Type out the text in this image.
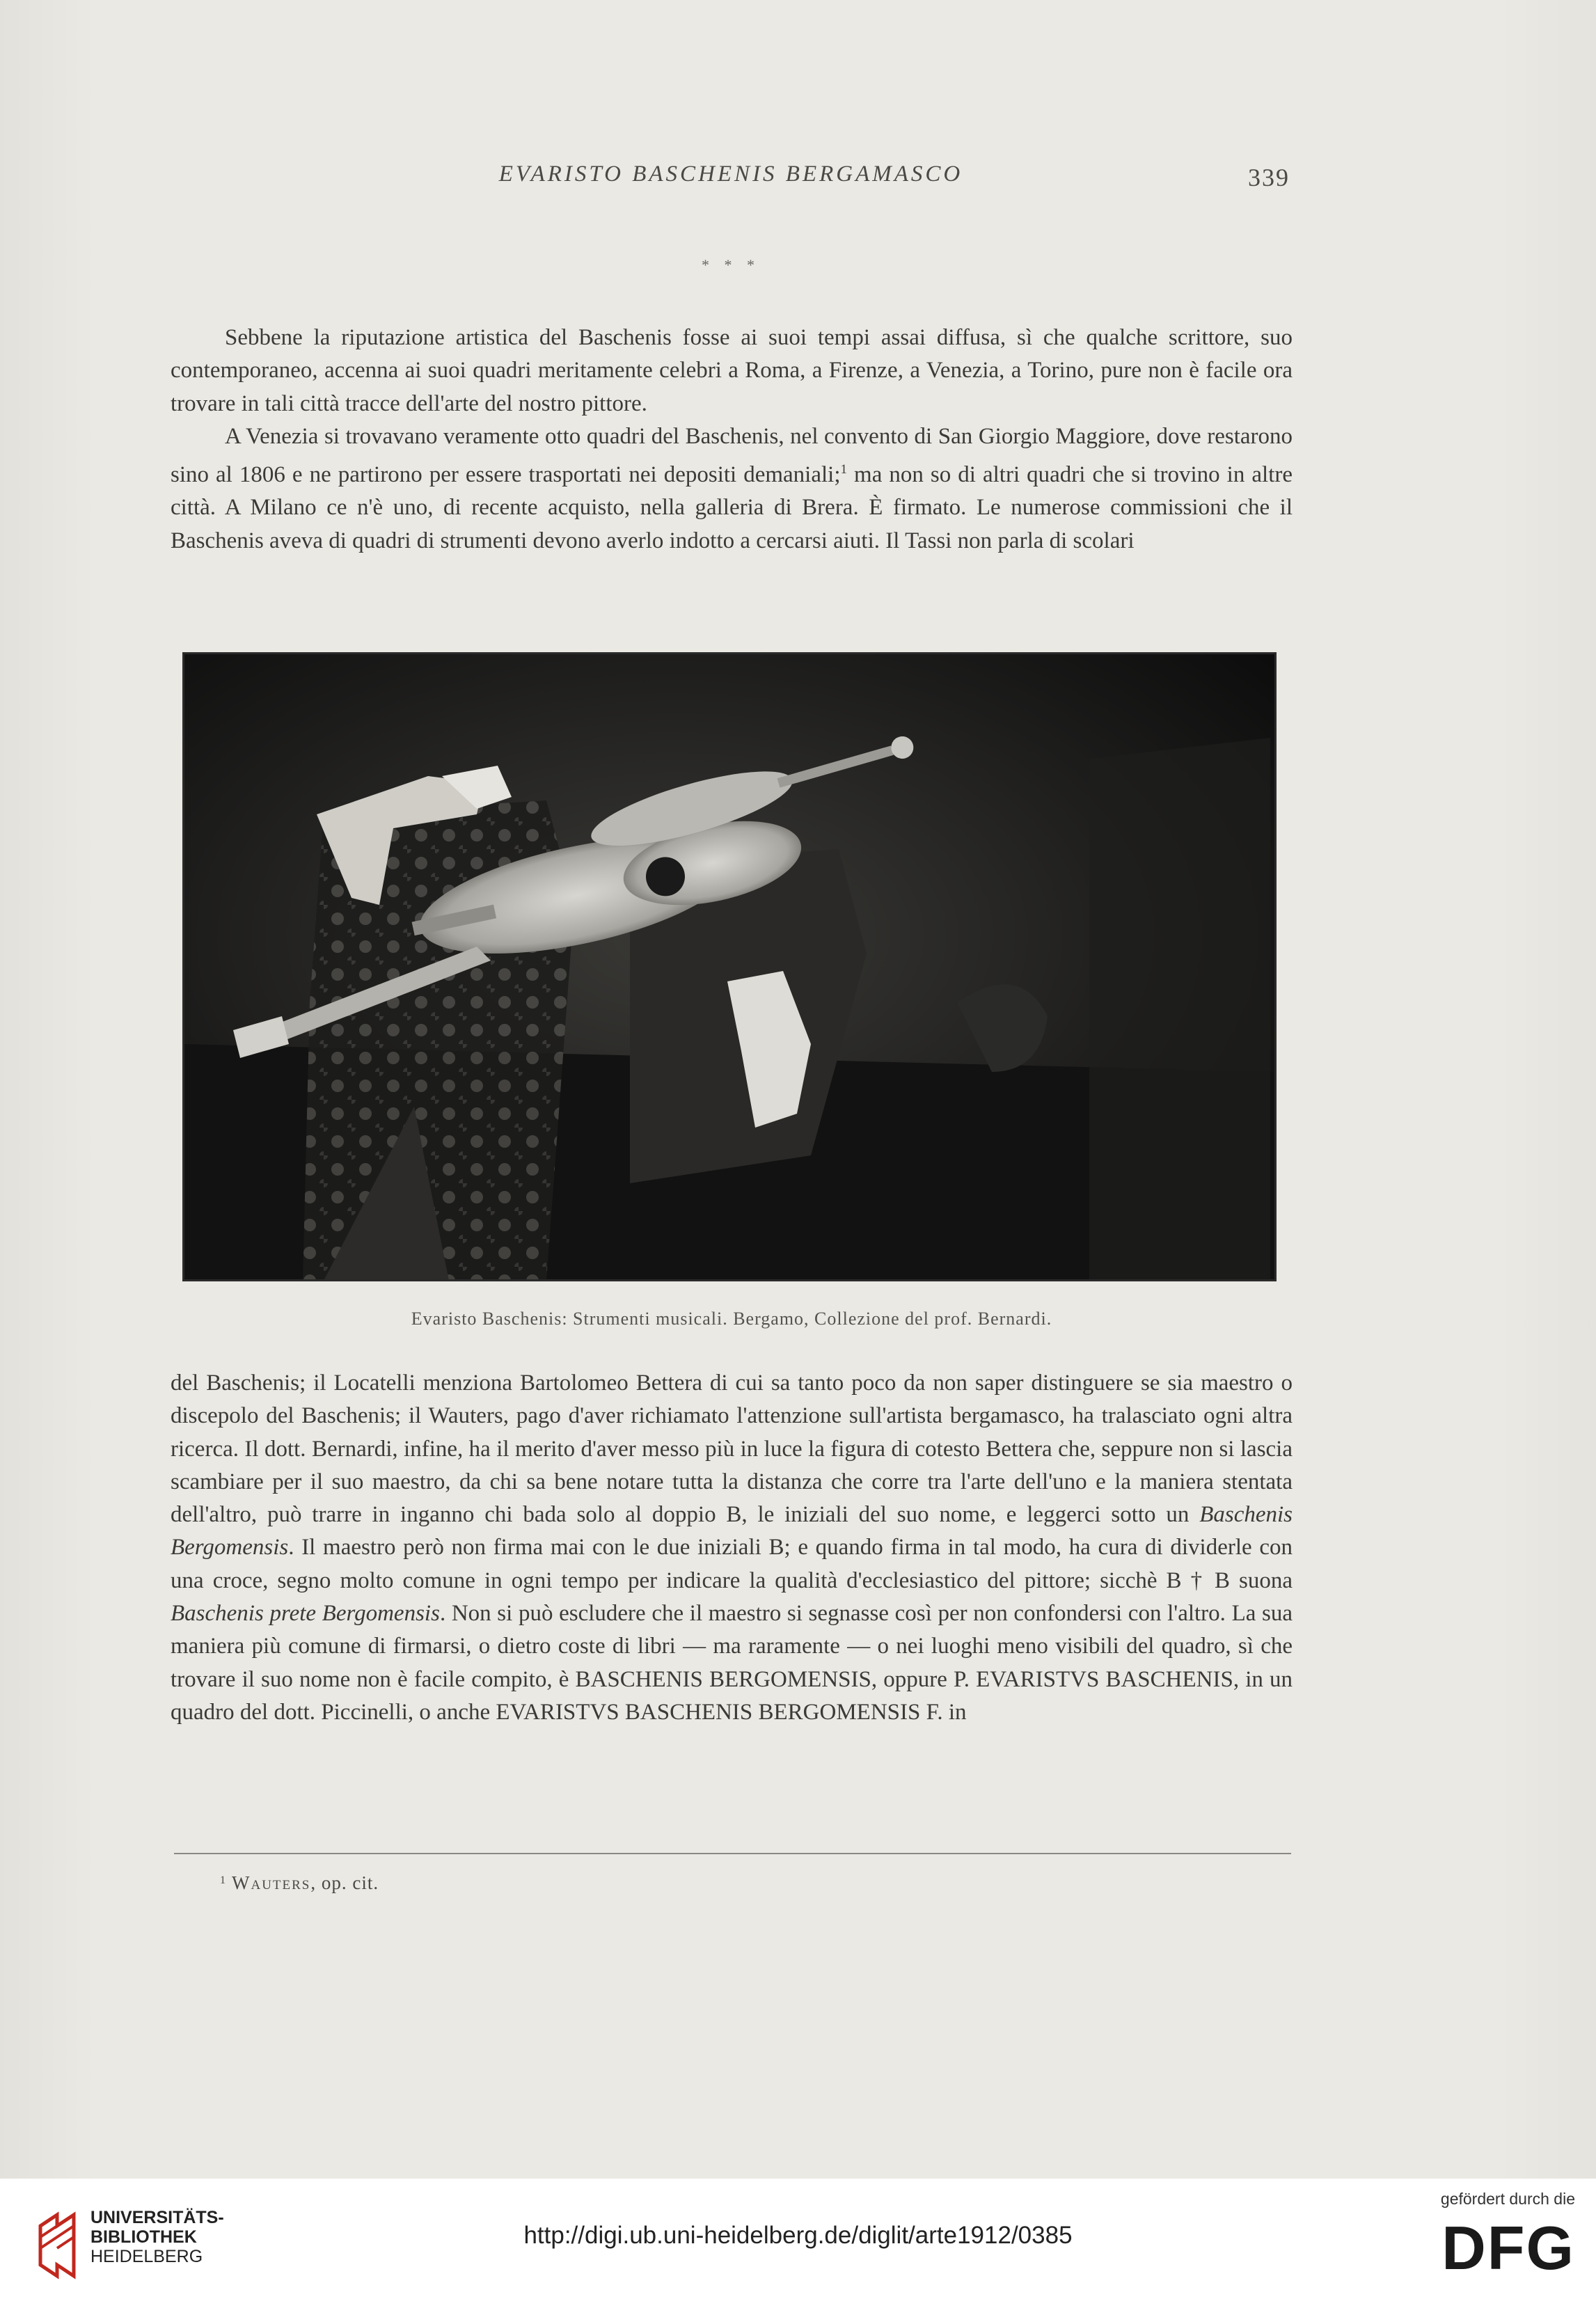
EVARISTO BASCHENIS BERGAMASCO	339
* * *

Sebbene la riputazione artistica del Baschenis fosse ai suoi tempi assai diffusa, sì che qualche scrittore, suo contemporaneo, accenna ai suoi quadri meritamente celebri a Roma, a Firenze, a Venezia, a Torino, pure non è facile ora trovare in tali città tracce dell'arte del nostro pittore.

A Venezia si trovavano veramente otto quadri del Baschenis, nel convento di San Giorgio Maggiore, dove restarono sino al 1806 e ne partirono per essere trasportati nei depositi demaniali;$^1$ ma non so di altri quadri che si trovino in altre città. A Milano ce n'è uno, di recente acquisto, nella galleria di Brera. È firmato. Le numerose commissioni che il Baschenis aveva di quadri di strumenti devono averlo indotto a cercarsi aiuti. Il Tassi non parla di scolari

Evaristo Baschenis: Strumenti musicali. Bergamo, Collezione del prof. Bernardi.

del Baschenis; il Locatelli menziona Bartolomeo Bettera di cui sa tanto poco da non saper distinguere se sia maestro o discepolo del Baschenis; il Wauters, pago d'aver richiamato l'attenzione sull'artista bergamasco, ha tralasciato ogni altra ricerca. Il dott. Bernardi, infine, ha il merito d'aver messo più in luce la figura di cotesto Bettera che, seppure non si lascia scambiare per il suo maestro, da chi sa bene notare tutta la distanza che corre tra l'arte dell'uno e la maniera stentata dell'altro, può trarre in inganno chi bada solo al doppio B, le iniziali del suo nome, e leggerci sotto un Baschenis Bergomensis. Il maestro però non firma mai con le due iniziali B; e quando firma in tal modo, ha cura di dividerle con una croce, segno molto comune in ogni tempo per indicare la qualità d'ecclesiastico del pittore; sicchè B † B suona Baschenis prete Bergomensis. Non si può escludere che il maestro si segnasse così per non confondersi con l'altro. La sua maniera più comune di firmarsi, o dietro coste di libri — ma raramente — o nei luoghi meno visibili del quadro, sì che trovare il suo nome non è facile compito, è BASCHENIS BERGOMENSIS, oppure P. EVARISTVS BASCHENIS, in un quadro del dott. Piccinelli, o anche EVARISTVS BASCHENIS BERGOMENSIS F. in

$^1$ Wauters, op. cit.
UNIVERSITÄTS-
BIBLIOTHEK
HEIDELBERG
http://digi.ub.uni-heidelberg.de/diglit/arte1912/0385
gefördert durch die
DFG
